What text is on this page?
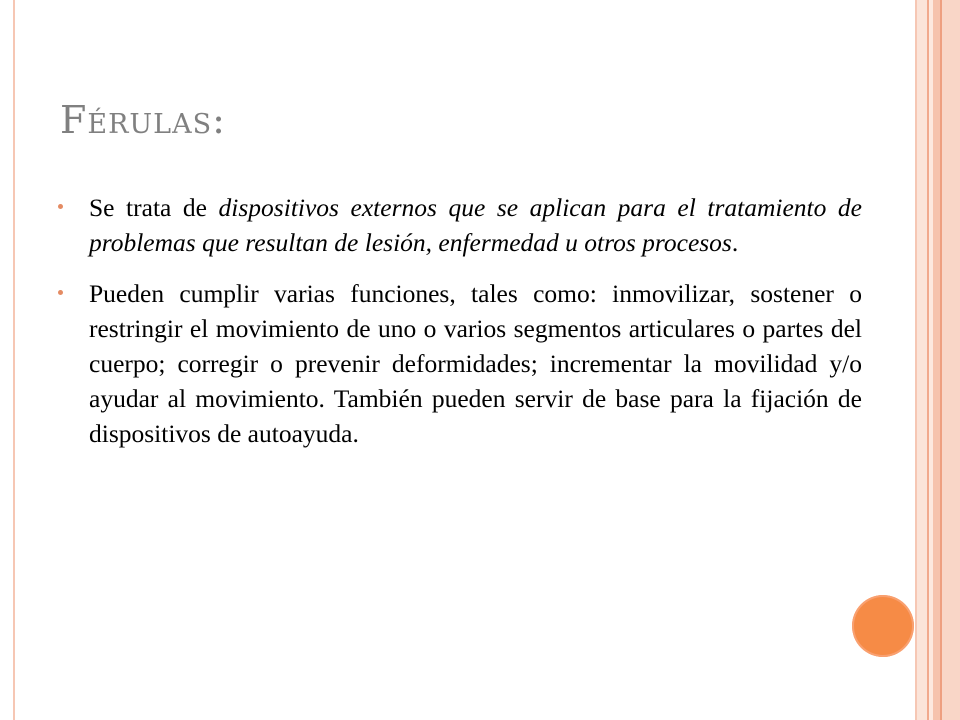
Férulas:
Se trata de dispositivos externos que se aplican para el tratamiento de problemas que resultan de lesión, enfermedad u otros procesos.
Pueden cumplir varias funciones, tales como: inmovilizar, sostener o restringir el movimiento de uno o varios segmentos articulares o partes del cuerpo; corregir o prevenir deformidades; incrementar la movilidad y/o ayudar al movimiento. También pueden servir de base para la fijación de dispositivos de autoayuda.
